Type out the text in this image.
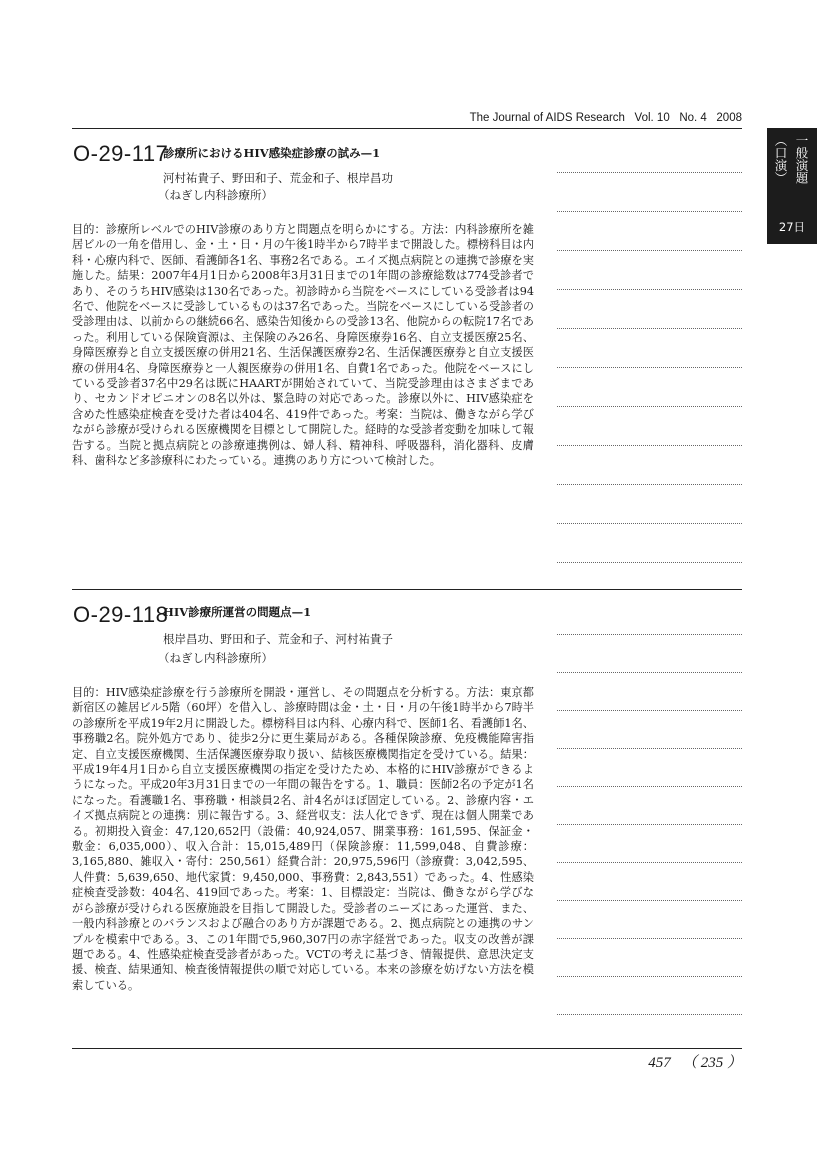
The Journal of AIDS Research Vol. 10 No. 4 2008
一般演題
︵口演︶
27日
O-29-117
診療所におけるHIV感染症診療の試み—1
河村祐貴子、野田和子、荒金和子、根岸昌功
（ねぎし内科診療所）

目的：診療所レベルでのHIV診療のあり方と問題点を明らかにする。方法：内科診療所を雑居ビルの一角を借用し、金・土・日・月の午後1時半から7時半まで開設した。標榜科目は内科・心療内科で、医師、看護師各1名、事務2名である。エイズ拠点病院との連携で診療を実施した。結果：2007年4月1日から2008年3月31日までの1年間の診療総数は774受診者であり、そのうちHIV感染は130名であった。初診時から当院をベースにしている受診者は94名で、他院をベースに受診しているものは37名であった。当院をベースにしている受診者の受診理由は、以前からの継続66名、感染告知後からの受診13名、他院からの転院17名であった。利用している保険資源は、主保険のみ26名、身障医療券16名、自立支援医療25名、身障医療券と自立支援医療の併用21名、生活保護医療券2名、生活保護医療券と自立支援医療の併用4名、身障医療券と一人親医療券の併用1名、自費1名であった。他院をベースにしている受診者37名中29名は既にHAARTが開始されていて、当院受診理由はさまざまであり、セカンドオピニオンの8名以外は、緊急時の対応であった。診療以外に、HIV感染症を含めた性感染症検査を受けた者は404名、419件であった。考案：当院は、働きながら学びながら診療が受けられる医療機関を目標として開院した。経時的な受診者変動を加味して報告する。当院と拠点病院との診療連携例は、婦人科、精神科、呼吸器科，消化器科、皮膚科、歯科など多診療科にわたっている。連携のあり方について検討した。

O-29-118
HIV診療所運営の問題点—1
根岸昌功、野田和子、荒金和子、河村祐貴子
（ねぎし内科診療所）

目的：HIV感染症診療を行う診療所を開設・運営し、その問題点を分析する。方法：東京都新宿区の雑居ビル5階（60坪）を借入し、診療時間は金・土・日・月の午後1時半から7時半の診療所を平成19年2月に開設した。標榜科目は内科、心療内科で、医師1名、看護師1名、事務職2名。院外処方であり、徒歩2分に更生薬局がある。各種保険診療、免疫機能障害指定、自立支援医療機関、生活保護医療券取り扱い、結核医療機関指定を受けている。結果：平成19年4月1日から自立支援医療機関の指定を受けたため、本格的にHIV診療ができるようになった。平成20年3月31日までの一年間の報告をする。1、職員：医師2名の予定が1名になった。看護職1名、事務職・相談員2名、計4名がほぼ固定している。2、診療内容・エイズ拠点病院との連携：別に報告する。3、経営収支：法人化できず、現在は個人開業である。初期投入資金：47,120,652円（設備：40,924,057、開業事務：161,595、保証金・敷金：6,035,000）、収入合計：15,015,489円（保険診療：11,599,048、自費診療：3,165,880、雑収入・寄付：250,561）経費合計：20,975,596円（診療費：3,042,595、人件費：5,639,650、地代家賃：9,450,000、事務費：2,843,551）であった。4、性感染症検査受診数：404名、419回であった。考案：1、目標設定：当院は、働きながら学びながら診療が受けられる医療施設を目指して開設した。受診者のニーズにあった運営、また、一般内科診療とのバランスおよび融合のあり方が課題である。2、拠点病院との連携のサンプルを模索中である。3、この1年間で5,960,307円の赤字経営であった。収支の改善が課題である。4、性感染症検査受診者があった。VCTの考えに基づき、情報提供、意思決定支援、検査、結果通知、検査後情報提供の順で対応している。本来の診療を妨げない方法を模索している。

457 （ 235 ）
